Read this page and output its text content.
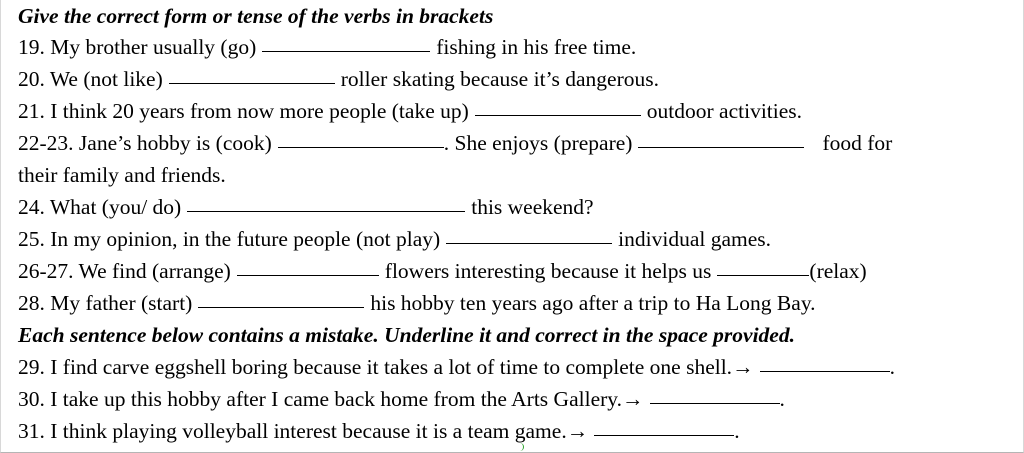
Give the correct form or tense of the verbs in brackets
19. My brother usually (go)	fishing in his free time.
20. We (not like)	roller skating because it’s dangerous.
21. I think 20 years from now more people (take up)	outdoor activities.
22-23. Jane’s hobby is (cook)	. She enjoys (prepare)	food for
their family and friends.
24. What (you/ do)	this weekend?
25. In my opinion, in the future people (not play)	individual games.
26-27. We find (arrange)	flowers interesting because it helps us	(relax)
28. My father (start)	his hobby ten years ago after a trip to Ha Long Bay.
Each sentence below contains a mistake. Underline it and correct in the space provided.
29. I find carve eggshell boring because it takes a lot of time to complete one shell.→	.
30. I take up this hobby after I came back home from the Arts Gallery.→	.
31. I think playing volleyball interest because it is a team game.→	.
